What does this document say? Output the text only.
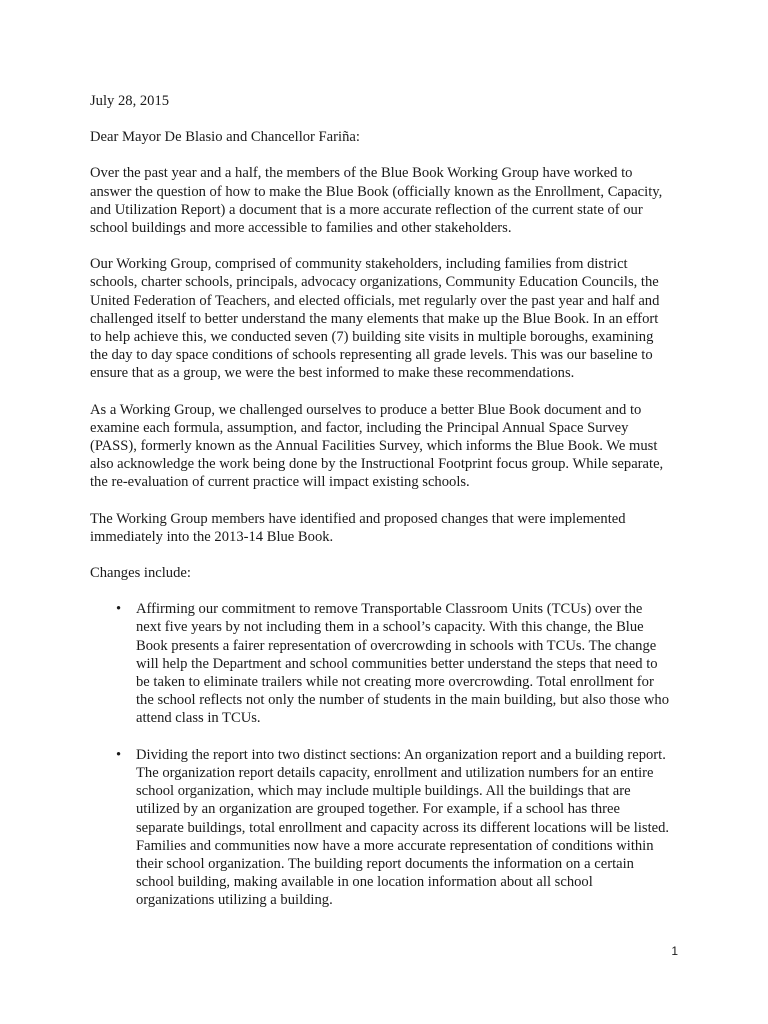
July 28, 2015

Dear Mayor De Blasio and Chancellor Fariña:

Over the past year and a half, the members of the Blue Book Working Group have worked to answer the question of how to make the Blue Book (officially known as the Enrollment, Capacity, and Utilization Report) a document that is a more accurate reflection of the current state of our school buildings and more accessible to families and other stakeholders.

Our Working Group, comprised of community stakeholders, including families from district schools, charter schools, principals, advocacy organizations, Community Education Councils, the United Federation of Teachers, and elected officials, met regularly over the past year and half and challenged itself to better understand the many elements that make up the Blue Book. In an effort to help achieve this, we conducted seven (7) building site visits in multiple boroughs, examining the day to day space conditions of schools representing all grade levels. This was our baseline to ensure that as a group, we were the best informed to make these recommendations.

As a Working Group, we challenged ourselves to produce a better Blue Book document and to examine each formula, assumption, and factor, including the Principal Annual Space Survey (PASS), formerly known as the Annual Facilities Survey, which informs the Blue Book. We must also acknowledge the work being done by the Instructional Footprint focus group. While separate, the re-evaluation of current practice will impact existing schools.

The Working Group members have identified and proposed changes that were implemented immediately into the 2013-14 Blue Book.

Changes include:

• Affirming our commitment to remove Transportable Classroom Units (TCUs) over the next five years by not including them in a school’s capacity. With this change, the Blue Book presents a fairer representation of overcrowding in schools with TCUs. The change will help the Department and school communities better understand the steps that need to be taken to eliminate trailers while not creating more overcrowding. Total enrollment for the school reflects not only the number of students in the main building, but also those who attend class in TCUs.
• Dividing the report into two distinct sections: An organization report and a building report. The organization report details capacity, enrollment and utilization numbers for an entire school organization, which may include multiple buildings. All the buildings that are utilized by an organization are grouped together. For example, if a school has three separate buildings, total enrollment and capacity across its different locations will be listed. Families and communities now have a more accurate representation of conditions within their school organization. The building report documents the information on a certain school building, making available in one location information about all school organizations utilizing a building.
1
